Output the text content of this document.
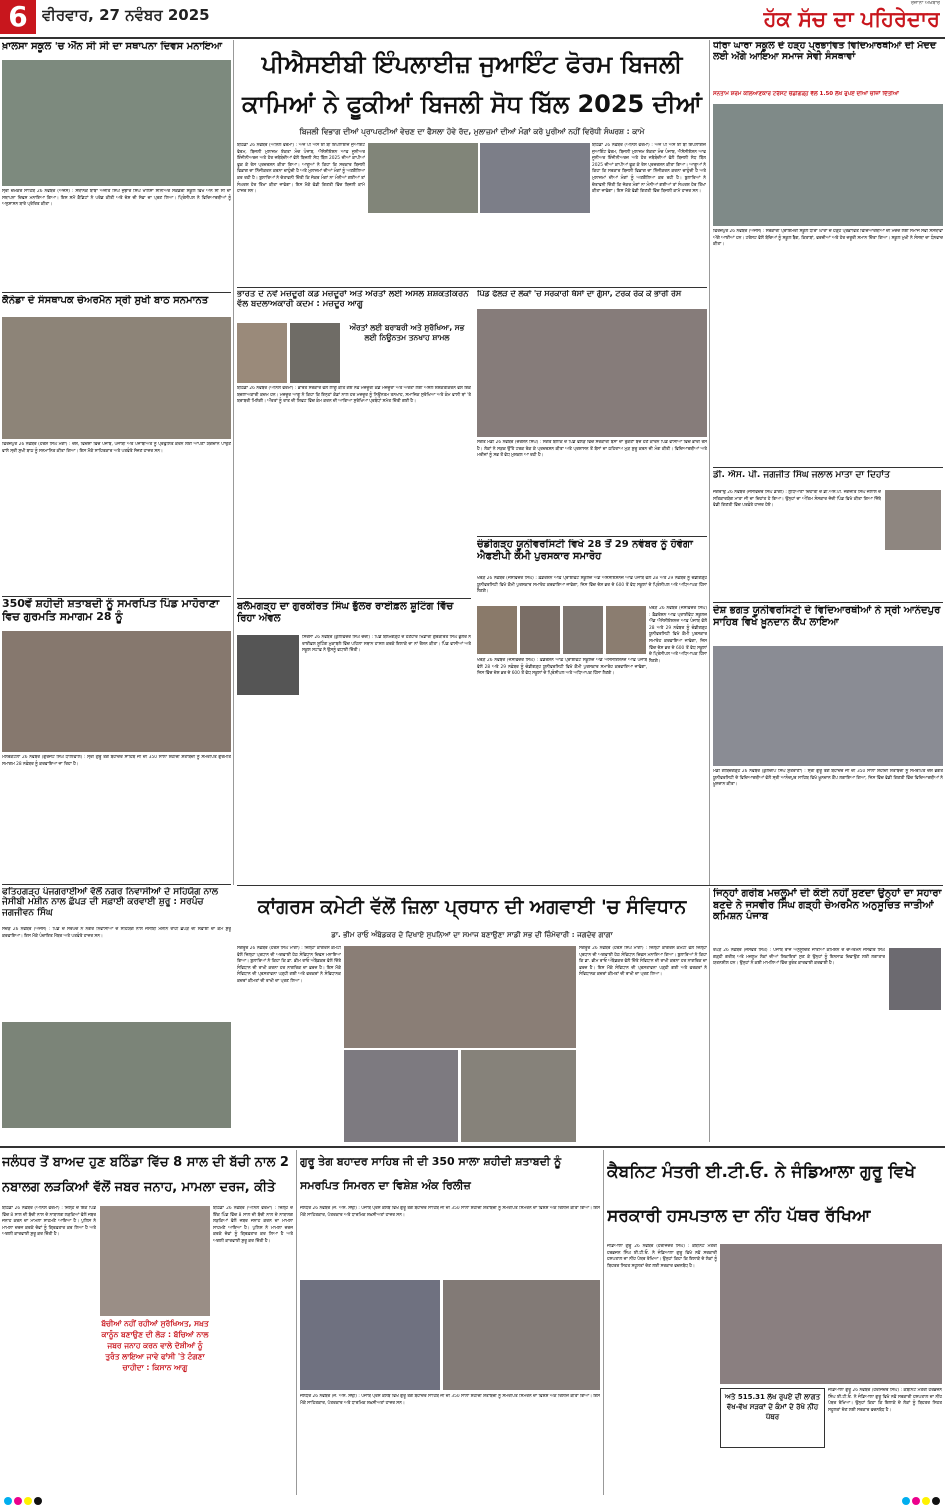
6 ਵੀਰਵਾਰ, 27 ਨਵੰਬਰ 2025
ਰੋਜ਼ਾਨਾ ਅਖ਼ਬਾਰ
ਹੱਕ ਸੱਚ ਦਾ ਪਹਿਰੇਦਾਰ
ਖ਼ਾਲਸਾ ਸਕੂਲ 'ਚ ਐੱਨ ਸੀ ਸੀ ਦਾ ਸਥਾਪਨਾ ਦਿਵਸ ਮਨਾਇਆ
ਸ੍ਰੀ ਚਮਕੌਰ ਸਾਹਿਬ 26 ਨਵੰਬਰ (ਐਜੰਸ) : ਸਥਾਨਕ ਬਾਬਾ ਅਜੀਤ ਸਿੰਘ ਜੁਝਾਰ ਸਿੰਘ ਖਾਲਸਾ ਸੀਨੀਅਰ ਸੈਕੰਡਰੀ ਸਕੂਲ ਵਿਖੇ ਐਨ ਸੀ ਸੀ ਦਾ ਸਥਾਪਨਾ ਦਿਵਸ ਮਨਾਇਆ ਗਿਆ। ਇਸ ਸਮੇਂ ਕੈਡਿਟਾਂ ਨੇ ਪਰੇਡ ਕੀਤੀ ਅਤੇ ਦੇਸ਼ ਦੀ ਸੇਵਾ ਦਾ ਪ੍ਰਣ ਲਿਆ। ਪ੍ਰਿੰਸੀਪਲ ਨੇ ਵਿਦਿਆਰਥੀਆਂ ਨੂੰ ਅਨੁਸ਼ਾਸਨ ਬਾਰੇ ਪ੍ਰੇਰਿਤ ਕੀਤਾ।
ਕੈਨੇਡਾ ਦੇ ਸੰਸਥਾਪਕ ਚੇਅਰਮੈਨ ਸ੍ਰੀ ਸੁਖੀ ਬਾਠ ਸਨਮਾਨਤ
ਫਿਰੋਜ਼ਪੁਰ 26 ਨਵੰਬਰ (ਹਰਸ਼ ਸਿੰਘ ਮੋਂਗਾ) : ਦੇਸ਼, ਵਿਦੇਸ਼ਾਂ ਵਿੱਚ ਪੰਜਾਬ, ਪੰਜਾਬੀ ਅਤੇ ਪੰਜਾਬੀਅਤ ਨੂੰ ਪ੍ਰਫੁੱਲਿਤ ਕਰਨ ਲਈ ਆਪਣਾ ਯੋਗਦਾਨ ਪਾਉਣ ਵਾਲੇ ਸ੍ਰੀ ਸੁਖੀ ਬਾਠ ਨੂੰ ਸਨਮਾਨਿਤ ਕੀਤਾ ਗਿਆ। ਇਸ ਮੌਕੇ ਸਾਹਿਤਕਾਰ ਅਤੇ ਪਤਵੰਤੇ ਸੱਜਣ ਹਾਜ਼ਰ ਸਨ।
350ਵੇਂ ਸ਼ਹੀਦੀ ਸ਼ਤਾਬਦੀ ਨੂੰ ਸਮਰਪਿਤ ਪਿੰਡ ਮਾਹੋਰਾਣਾ ਵਿਚ ਗੁਰਮਤਿ ਸਮਾਗਮ 28 ਨੂੰ
ਮਲੇਰਕੋਟਲਾ 26 ਨਵੰਬਰ (ਗੁਰਜੰਟ ਸਿੰਘ ਧਾਲੀਵਾਲ) : ਸ੍ਰੀ ਗੁਰੂ ਤੇਗ ਬਹਾਦਰ ਸਾਹਿਬ ਜੀ ਦੀ 350 ਸਾਲਾ ਸ਼ਹੀਦੀ ਸ਼ਤਾਬਦੀ ਨੂੰ ਸਮਰਪਿਤ ਗੁਰਮਤਿ ਸਮਾਗਮ 28 ਨਵੰਬਰ ਨੂੰ ਕਰਵਾਇਆ ਜਾ ਰਿਹਾ ਹੈ।
ਫਤਿਹਗੜ੍ਹ ਪੰਜਗਰਾਈਆਂ ਵੱਲੋਂ ਨਗਰ ਨਿਵਾਸੀਆਂ ਦੇ ਸਹਿਯੋਗ ਨਾਲ ਜੇਸੀਬੀ ਮਸ਼ੀਨ ਨਾਲ ਛੱਪੜ ਦੀ ਸਫ਼ਾਈ ਕਰਵਾਈ ਸ਼ੁਰੂ : ਸਰਪੰਚ ਜਗਜੀਵਨ ਸਿੰਘ
ਸੰਦੌੜ 26 ਨਵੰਬਰ (ਐਜੰਸ) : ਪਿੰਡ ਦੇ ਸਰਪੰਚ ਨੇ ਨਗਰ ਨਿਵਾਸੀਆਂ ਦੇ ਸਹਿਯੋਗ ਨਾਲ ਜੇਸੀਬੀ ਮਸ਼ੀਨ ਰਾਹੀਂ ਛੱਪੜ ਦੀ ਸਫ਼ਾਈ ਦਾ ਕੰਮ ਸ਼ੁਰੂ ਕਰਵਾਇਆ। ਇਸ ਮੌਕੇ ਪੰਚਾਇਤ ਮੈਂਬਰ ਅਤੇ ਪਤਵੰਤੇ ਹਾਜ਼ਰ ਸਨ।
ਪੀਐਸਈਬੀ ਇੰਪਲਾਈਜ਼ ਜੁਆਇੰਟ ਫੋਰਮ ਬਿਜਲੀ ਕਾਮਿਆਂ ਨੇ ਫੂਕੀਆਂ ਬਿਜਲੀ ਸੋਧ ਬਿੱਲ 2025 ਦੀਆਂ
ਬਿਜਲੀ ਵਿਭਾਗ ਦੀਆਂ ਪ੍ਰਾਪਰਟੀਆਂ ਵੇਚਣ ਦਾ ਫੈਸਲਾ ਹੋਵੇ ਰੱਦ, ਮੁਲਾਜ਼ਮਾਂ ਦੀਆਂ ਮੰਗਾਂ ਕਰੋ ਪੂਰੀਆਂ ਨਹੀਂ ਵਿਰੋਧੀ ਸੰਘਰਸ਼ : ਕਾਮੇ
ਬਠਿੰਡਾ 26 ਨਵੰਬਰ (ਅਨਿਲ ਵਰਮਾ) : ਅੱਜ ਪੀ ਐਸ ਈ ਬੀ ਇੰਪਲਾਈਜ਼ ਜੁਆਇੰਟ ਫੋਰਮ, ਬਿਜਲੀ ਮੁਲਾਜ਼ਮ ਏਕਤਾ ਮੰਚ ਪੰਜਾਬ, ਐਸੋਸੀਏਸ਼ਨ ਆਫ ਜੂਨੀਅਰ ਇੰਜੀਨੀਅਰਜ਼ ਅਤੇ ਹੋਰ ਜਥੇਬੰਦੀਆਂ ਵੱਲੋਂ ਬਿਜਲੀ ਸੋਧ ਬਿੱਲ 2025 ਦੀਆਂ ਕਾਪੀਆਂ ਫੂਕ ਕੇ ਰੋਸ ਪ੍ਰਦਰਸ਼ਨ ਕੀਤਾ ਗਿਆ। ਆਗੂਆਂ ਨੇ ਕਿਹਾ ਕਿ ਸਰਕਾਰ ਬਿਜਲੀ ਵਿਭਾਗ ਦਾ ਨਿੱਜੀਕਰਨ ਕਰਨਾ ਚਾਹੁੰਦੀ ਹੈ ਅਤੇ ਮੁਲਾਜ਼ਮਾਂ ਦੀਆਂ ਮੰਗਾਂ ਨੂੰ ਅਣਗੌਲਿਆ ਕਰ ਰਹੀ ਹੈ। ਬੁਲਾਰਿਆਂ ਨੇ ਚੇਤਾਵਨੀ ਦਿੱਤੀ ਕਿ ਜੇਕਰ ਮੰਗਾਂ ਨਾ ਮੰਨੀਆਂ ਗਈਆਂ ਤਾਂ ਸੰਘਰਸ਼ ਹੋਰ ਤਿੱਖਾ ਕੀਤਾ ਜਾਵੇਗਾ। ਇਸ ਮੌਕੇ ਵੱਡੀ ਗਿਣਤੀ ਵਿੱਚ ਬਿਜਲੀ ਕਾਮੇ ਹਾਜ਼ਰ ਸਨ।
ਬਠਿੰਡਾ 26 ਨਵੰਬਰ (ਅਨਿਲ ਵਰਮਾ) : ਅੱਜ ਪੀ ਐਸ ਈ ਬੀ ਇੰਪਲਾਈਜ਼ ਜੁਆਇੰਟ ਫੋਰਮ, ਬਿਜਲੀ ਮੁਲਾਜ਼ਮ ਏਕਤਾ ਮੰਚ ਪੰਜਾਬ, ਐਸੋਸੀਏਸ਼ਨ ਆਫ ਜੂਨੀਅਰ ਇੰਜੀਨੀਅਰਜ਼ ਅਤੇ ਹੋਰ ਜਥੇਬੰਦੀਆਂ ਵੱਲੋਂ ਬਿਜਲੀ ਸੋਧ ਬਿੱਲ 2025 ਦੀਆਂ ਕਾਪੀਆਂ ਫੂਕ ਕੇ ਰੋਸ ਪ੍ਰਦਰਸ਼ਨ ਕੀਤਾ ਗਿਆ। ਆਗੂਆਂ ਨੇ ਕਿਹਾ ਕਿ ਸਰਕਾਰ ਬਿਜਲੀ ਵਿਭਾਗ ਦਾ ਨਿੱਜੀਕਰਨ ਕਰਨਾ ਚਾਹੁੰਦੀ ਹੈ ਅਤੇ ਮੁਲਾਜ਼ਮਾਂ ਦੀਆਂ ਮੰਗਾਂ ਨੂੰ ਅਣਗੌਲਿਆ ਕਰ ਰਹੀ ਹੈ। ਬੁਲਾਰਿਆਂ ਨੇ ਚੇਤਾਵਨੀ ਦਿੱਤੀ ਕਿ ਜੇਕਰ ਮੰਗਾਂ ਨਾ ਮੰਨੀਆਂ ਗਈਆਂ ਤਾਂ ਸੰਘਰਸ਼ ਹੋਰ ਤਿੱਖਾ ਕੀਤਾ ਜਾਵੇਗਾ। ਇਸ ਮੌਕੇ ਵੱਡੀ ਗਿਣਤੀ ਵਿੱਚ ਬਿਜਲੀ ਕਾਮੇ ਹਾਜ਼ਰ ਸਨ।
ਭਾਰਤ ਦੇ ਨਵੇਂ ਮਜ਼ਦੂਰੀ ਕੋਡ ਮਜ਼ਦੂਰਾਂ ਅਤੇ ਔਰਤਾਂ ਲਈ ਅਸਲ ਸ਼ਸ਼ਕਤੀਕਰਨ ਵੱਲ ਬਦਲਾਅਕਾਰੀ ਕਦਮ : ਮਜ਼ਦੂਰ ਆਗੂ
ਔਰਤਾਂ ਲਈ ਬਰਾਬਰੀ ਅਤੇ ਸੁਰੱਖਿਆ, ਸਭ ਲਈ ਨਿਊਨਤਮ ਤਨਖਾਹ ਸ਼ਾਮਲ
ਬਠਿੰਡਾ 26 ਨਵੰਬਰ (ਅਨਿਲ ਵਰਮਾ) : ਭਾਰਤ ਸਰਕਾਰ ਵੱਲੋਂ ਲਾਗੂ ਕੀਤੇ ਗਏ ਨਵੇਂ ਮਜ਼ਦੂਰੀ ਕੋਡ ਮਜ਼ਦੂਰਾਂ ਅਤੇ ਔਰਤਾਂ ਲਈ ਅਸਲ ਸ਼ਸ਼ਕਤੀਕਰਨ ਵੱਲ ਇੱਕ ਬਦਲਾਅਕਾਰੀ ਕਦਮ ਹਨ। ਮਜ਼ਦੂਰ ਆਗੂ ਨੇ ਕਿਹਾ ਕਿ ਇਨ੍ਹਾਂ ਕੋਡਾਂ ਨਾਲ ਹਰ ਮਜ਼ਦੂਰ ਨੂੰ ਨਿਊਨਤਮ ਤਨਖਾਹ, ਸਮਾਜਿਕ ਸੁਰੱਖਿਆ ਅਤੇ ਕੰਮ ਵਾਲੀ ਥਾਂ 'ਤੇ ਬਰਾਬਰੀ ਮਿਲੇਗੀ। ਔਰਤਾਂ ਨੂੰ ਰਾਤ ਦੀ ਸ਼ਿਫਟ ਵਿੱਚ ਕੰਮ ਕਰਨ ਦੀ ਆਗਿਆ ਸੁਰੱਖਿਆ ਪ੍ਰਬੰਧਾਂ ਸਮੇਤ ਦਿੱਤੀ ਗਈ ਹੈ।
ਬਲੱਮਗੜ੍ਹ ਦਾ ਗੁਰਕੀਰਤ ਸਿੰਘ ਭੁੱਲਰ ਰਾਈਫ਼ਲ ਸ਼ੂਟਿੰਗ ਵਿੱਚ ਰਿਹਾ ਅੱਵਲ
ਸਿਰਸਾ 26 ਨਵੰਬਰ (ਕੁਲਵਿੰਦਰ ਸਿੰਘ ਚੰਦੀ) : ਪਿੰਡ ਬਲੱਮਗੜ੍ਹ ਦੇ ਹੋਣਹਾਰ ਖਿਡਾਰੀ ਗੁਰਕੀਰਤ ਸਿੰਘ ਭੁੱਲਰ ਨੇ ਰਾਈਫ਼ਲ ਸ਼ੂਟਿੰਗ ਮੁਕਾਬਲੇ ਵਿੱਚ ਪਹਿਲਾ ਸਥਾਨ ਹਾਸਲ ਕਰਕੇ ਇਲਾਕੇ ਦਾ ਨਾਂ ਰੌਸ਼ਨ ਕੀਤਾ। ਪਿੰਡ ਵਾਸੀਆਂ ਅਤੇ ਸਕੂਲ ਸਟਾਫ਼ ਨੇ ਉਸਨੂੰ ਵਧਾਈ ਦਿੱਤੀ।
ਪਿੰਡ ਫੱਲੜ ਦੇ ਲੋਕਾਂ 'ਚ ਸਰਕਾਰੀ ਥੱਸਾਂ ਦਾ ਗੁੱਸਾ, ਟਰਕ ਰੋਕ ਕੇ ਭਾਰੀ ਰੋਸ
ਸੰਗਤ ਮੰਡੀ 26 ਨਵੰਬਰ (ਦਰਸ਼ਨ ਸਿੰਘ) : ਸੰਗਤ ਬਲਾਕ ਦੇ ਪਿੰਡ ਫੱਲੜ ਵਿੱਚ ਸਰਕਾਰੀ ਬੱਸਾਂ ਦਾ ਰੁਕਣਾ ਬੰਦ ਹੋਣ ਕਾਰਨ ਪਿੰਡ ਵਾਸੀਆਂ ਵਿੱਚ ਭਾਰੀ ਰੋਸ ਹੈ। ਲੋਕਾਂ ਨੇ ਸੜਕ ਉੱਤੇ ਟਰਕ ਰੋਕ ਕੇ ਪ੍ਰਦਰਸ਼ਨ ਕੀਤਾ ਅਤੇ ਪ੍ਰਸ਼ਾਸਨ ਤੋਂ ਬੱਸਾਂ ਦਾ ਠਹਿਰਾਅ ਮੁੜ ਸ਼ੁਰੂ ਕਰਨ ਦੀ ਮੰਗ ਕੀਤੀ। ਵਿਦਿਆਰਥੀਆਂ ਅਤੇ ਮਰੀਜ਼ਾਂ ਨੂੰ ਸਭ ਤੋਂ ਵੱਧ ਮੁਸ਼ਕਲ ਆ ਰਹੀ ਹੈ।
ਚੰਡੀਗੜ੍ਹ ਯੂਨੀਵਰਸਿਟੀ ਵਿਖੇ 28 ਤੋਂ 29 ਨਵੰਬਰ ਨੂੰ ਹੋਵੇਗਾ ਐਫਈਪੀ ਕੌਮੀ ਪੁਰਸਕਾਰ ਸਮਾਰੋਹ
ਖਰੜ 26 ਨਵੰਬਰ (ਜਸਵਿੰਦਰ ਸਿੰਘ) : ਫ਼ੈਡਰੇਸ਼ਨ ਆਫ਼ ਪ੍ਰਾਈਵੇਟ ਸਕੂਲਜ਼ ਐਂਡ ਐਸੋਸੀਏਸ਼ਨਜ਼ ਆਫ਼ ਪੰਜਾਬ ਵੱਲੋਂ 28 ਅਤੇ 29 ਨਵੰਬਰ ਨੂੰ ਚੰਡੀਗੜ੍ਹ ਯੂਨੀਵਰਸਿਟੀ ਵਿਖੇ ਕੌਮੀ ਪੁਰਸਕਾਰ ਸਮਾਰੋਹ ਕਰਵਾਇਆ ਜਾਵੇਗਾ, ਜਿਸ ਵਿੱਚ ਦੇਸ਼ ਭਰ ਦੇ 600 ਤੋਂ ਵੱਧ ਸਕੂਲਾਂ ਦੇ ਪ੍ਰਿੰਸੀਪਲ ਅਤੇ ਅਧਿਆਪਕ ਹਿੱਸਾ ਲੈਣਗੇ।
ਖਰੜ 26 ਨਵੰਬਰ (ਜਸਵਿੰਦਰ ਸਿੰਘ) : ਫ਼ੈਡਰੇਸ਼ਨ ਆਫ਼ ਪ੍ਰਾਈਵੇਟ ਸਕੂਲਜ਼ ਐਂਡ ਐਸੋਸੀਏਸ਼ਨਜ਼ ਆਫ਼ ਪੰਜਾਬ ਵੱਲੋਂ 28 ਅਤੇ 29 ਨਵੰਬਰ ਨੂੰ ਚੰਡੀਗੜ੍ਹ ਯੂਨੀਵਰਸਿਟੀ ਵਿਖੇ ਕੌਮੀ ਪੁਰਸਕਾਰ ਸਮਾਰੋਹ ਕਰਵਾਇਆ ਜਾਵੇਗਾ, ਜਿਸ ਵਿੱਚ ਦੇਸ਼ ਭਰ ਦੇ 600 ਤੋਂ ਵੱਧ ਸਕੂਲਾਂ ਦੇ ਪ੍ਰਿੰਸੀਪਲ ਅਤੇ ਅਧਿਆਪਕ ਹਿੱਸਾ ਲੈਣਗੇ।
ਖਰੜ 26 ਨਵੰਬਰ (ਜਸਵਿੰਦਰ ਸਿੰਘ) : ਫ਼ੈਡਰੇਸ਼ਨ ਆਫ਼ ਪ੍ਰਾਈਵੇਟ ਸਕੂਲਜ਼ ਐਂਡ ਐਸੋਸੀਏਸ਼ਨਜ਼ ਆਫ਼ ਪੰਜਾਬ ਵੱਲੋਂ 28 ਅਤੇ 29 ਨਵੰਬਰ ਨੂੰ ਚੰਡੀਗੜ੍ਹ ਯੂਨੀਵਰਸਿਟੀ ਵਿਖੇ ਕੌਮੀ ਪੁਰਸਕਾਰ ਸਮਾਰੋਹ ਕਰਵਾਇਆ ਜਾਵੇਗਾ, ਜਿਸ ਵਿੱਚ ਦੇਸ਼ ਭਰ ਦੇ 600 ਤੋਂ ਵੱਧ ਸਕੂਲਾਂ ਦੇ ਪ੍ਰਿੰਸੀਪਲ ਅਤੇ ਅਧਿਆਪਕ ਹਿੱਸਾ ਲੈਣਗੇ।
ਧੀਰਾ ਘਾਰਾ ਸਕੂਲ ਦੇ ਹੜ੍ਹ ਪ੍ਰਭਾਵਿਤ ਵਿਦਿਆਰਥੀਆਂ ਦੀ ਮੱਦਦ ਲਈ ਅੱਗੇ ਆਇਆ ਸਮਾਜ ਸੇਵੀ ਸੰਸਥਾਵਾਂ
ਸਨਤਾਮ ਸ਼ਰਮ ਕਲਿਆਣਕਾਰ ਟਰੱਸਟ ਚੰਡੀਗੜ੍ਹ ਵੱਲੋਂ 1.50 ਲੱਖ ਰੁਪਏ ਦੀਆਂ ਚੀਜ਼ਾਂ ਦਿੱਤੀਆਂ
ਫਿਰੋਜ਼ਪੁਰ 26 ਨਵੰਬਰ (ਐਜੰਸ) : ਸਰਕਾਰੀ ਪ੍ਰਾਇਮਰੀ ਸਕੂਲ ਧੀਰਾ ਘਾਰਾ ਦੇ ਹੜ੍ਹ ਪ੍ਰਭਾਵਿਤ ਵਿਦਿਆਰਥੀਆਂ ਦੀ ਮਦਦ ਲਈ ਸਮਾਜ ਸੇਵੀ ਸੰਸਥਾਵਾਂ ਅੱਗੇ ਆਈਆਂ ਹਨ। ਟਰੱਸਟ ਵੱਲੋਂ ਬੱਚਿਆਂ ਨੂੰ ਸਕੂਲ ਬੈਗ, ਕਿਤਾਬਾਂ, ਵਰਦੀਆਂ ਅਤੇ ਹੋਰ ਜ਼ਰੂਰੀ ਸਮਾਨ ਦਿੱਤਾ ਗਿਆ। ਸਕੂਲ ਮੁਖੀ ਨੇ ਸੰਸਥਾ ਦਾ ਧੰਨਵਾਦ ਕੀਤਾ।
ਡੀ. ਐਸ. ਪੀ. ਜਗਜੀਤ ਸਿੰਘ ਜਲਾਲ ਮਾਤਾ ਦਾ ਦਿਹਾਂਤ
ਜਗਰਾਉਂ 26 ਨਵੰਬਰ (ਜਸਵਿੰਦਰ ਸਿੰਘ ਡਾਂਗੀ) : ਲੁਧਿਆਣਾ ਦਿਹਾਤੀ ਦੇ ਡੀ.ਐਸ.ਪੀ. ਜਗਜੀਤ ਸਿੰਘ ਜਲਾਲ ਦੇ ਸਤਿਕਾਰਯੋਗ ਮਾਤਾ ਜੀ ਦਾ ਦਿਹਾਂਤ ਹੋ ਗਿਆ। ਉਨ੍ਹਾਂ ਦਾ ਅੰਤਿਮ ਸੰਸਕਾਰ ਜੱਦੀ ਪਿੰਡ ਵਿਖੇ ਕੀਤਾ ਗਿਆ ਜਿੱਥੇ ਵੱਡੀ ਗਿਣਤੀ ਵਿੱਚ ਪਤਵੰਤੇ ਹਾਜ਼ਰ ਹੋਏ।
ਦੇਸ਼ ਭਗਤ ਯੂਨੀਵਰਸਿਟੀ ਦੇ ਵਿਦਿਆਰਥੀਆਂ ਨੇ ਸ੍ਰੀ ਆਨੰਦਪੁਰ ਸਾਹਿਬ ਵਿਖੇ ਖ਼ੂਨਦਾਨ ਕੈਂਪ ਲਾਇਆ
ਮੰਡੀ ਗੋਬਿੰਦਗੜ੍ਹ 26 ਨਵੰਬਰ (ਕੁਲਦੀਪ ਸਿੰਘ ਸ਼ੁਤਰਾਣਾ) : ਸ੍ਰੀ ਗੁਰੂ ਤੇਗ ਬਹਾਦਰ ਜੀ ਦੀ 350 ਸਾਲਾ ਸ਼ਹੀਦੀ ਸ਼ਤਾਬਦੀ ਨੂੰ ਸਮਰਪਿਤ ਦੇਸ਼ ਭਗਤ ਯੂਨੀਵਰਸਿਟੀ ਦੇ ਵਿਦਿਆਰਥੀਆਂ ਵੱਲੋਂ ਸ੍ਰੀ ਆਨੰਦਪੁਰ ਸਾਹਿਬ ਵਿਖੇ ਖ਼ੂਨਦਾਨ ਕੈਂਪ ਲਗਾਇਆ ਗਿਆ, ਜਿਸ ਵਿੱਚ ਵੱਡੀ ਗਿਣਤੀ ਵਿੱਚ ਵਿਦਿਆਰਥੀਆਂ ਨੇ ਖ਼ੂਨਦਾਨ ਕੀਤਾ।
ਕਾਂਗਰਸ ਕਮੇਟੀ ਵੱਲੋਂ ਜ਼ਿਲਾ ਪ੍ਰਧਾਨ ਦੀ ਅਗਵਾਈ 'ਚ ਸੰਵਿਧਾਨ
ਡਾ. ਭੀਮ ਰਾਓ ਅੰਬੇਡਕਰ ਦੇ ਦਿਖਾਏ ਸੁਪਨਿਆਂ ਦਾ ਸਮਾਜ ਬਣਾਉਣਾ ਸਾਡੀ ਸਭ ਦੀ ਜ਼ਿੰਮੇਵਾਰੀ : ਜਗਦੇਵ ਗਾਗਾ
ਸੰਗਰੂਰ 26 ਨਵੰਬਰ (ਹਰਸ਼ ਸਿੰਘ ਮਾਂਗਾ) : ਜ਼ਿਲ੍ਹਾ ਕਾਂਗਰਸ ਕਮੇਟੀ ਵੱਲੋਂ ਜ਼ਿਲ੍ਹਾ ਪ੍ਰਧਾਨ ਦੀ ਅਗਵਾਈ ਹੇਠ ਸੰਵਿਧਾਨ ਦਿਵਸ ਮਨਾਇਆ ਗਿਆ। ਬੁਲਾਰਿਆਂ ਨੇ ਕਿਹਾ ਕਿ ਡਾ. ਭੀਮ ਰਾਓ ਅੰਬੇਡਕਰ ਵੱਲੋਂ ਦਿੱਤੇ ਸੰਵਿਧਾਨ ਦੀ ਰਾਖੀ ਕਰਨਾ ਹਰ ਨਾਗਰਿਕ ਦਾ ਫ਼ਰਜ਼ ਹੈ। ਇਸ ਮੌਕੇ ਸੰਵਿਧਾਨ ਦੀ ਪ੍ਰਸਤਾਵਨਾ ਪੜ੍ਹੀ ਗਈ ਅਤੇ ਵਰਕਰਾਂ ਨੇ ਸੰਵਿਧਾਨਕ ਕਦਰਾਂ ਕੀਮਤਾਂ ਦੀ ਰਾਖੀ ਦਾ ਪ੍ਰਣ ਲਿਆ।
ਸੰਗਰੂਰ 26 ਨਵੰਬਰ (ਹਰਸ਼ ਸਿੰਘ ਮਾਂਗਾ) : ਜ਼ਿਲ੍ਹਾ ਕਾਂਗਰਸ ਕਮੇਟੀ ਵੱਲੋਂ ਜ਼ਿਲ੍ਹਾ ਪ੍ਰਧਾਨ ਦੀ ਅਗਵਾਈ ਹੇਠ ਸੰਵਿਧਾਨ ਦਿਵਸ ਮਨਾਇਆ ਗਿਆ। ਬੁਲਾਰਿਆਂ ਨੇ ਕਿਹਾ ਕਿ ਡਾ. ਭੀਮ ਰਾਓ ਅੰਬੇਡਕਰ ਵੱਲੋਂ ਦਿੱਤੇ ਸੰਵਿਧਾਨ ਦੀ ਰਾਖੀ ਕਰਨਾ ਹਰ ਨਾਗਰਿਕ ਦਾ ਫ਼ਰਜ਼ ਹੈ। ਇਸ ਮੌਕੇ ਸੰਵਿਧਾਨ ਦੀ ਪ੍ਰਸਤਾਵਨਾ ਪੜ੍ਹੀ ਗਈ ਅਤੇ ਵਰਕਰਾਂ ਨੇ ਸੰਵਿਧਾਨਕ ਕਦਰਾਂ ਕੀਮਤਾਂ ਦੀ ਰਾਖੀ ਦਾ ਪ੍ਰਣ ਲਿਆ।
ਜਿਨ੍ਹਾਂ ਗਰੀਬ ਮਜ਼ਲੂਮਾਂ ਦੀ ਕੋਈ ਨਹੀਂ ਸੁਣਦਾ ਉਨ੍ਹਾਂ ਦਾ ਸਹਾਰਾ ਬਣਦੇ ਨੇ ਜਸਵੀਰ ਸਿੰਘ ਗੜ੍ਹੀ ਚੇਅਰਮੈਨ ਅਨੁਸੂਚਿਤ ਜਾਤੀਆਂ ਕਮਿਸ਼ਨ ਪੰਜਾਬ
ਰੋਪੜ 26 ਨਵੰਬਰ (ਜਸਵੰਤ ਸਿੰਘ) : ਪੰਜਾਬ ਰਾਜ ਅਨੁਸੂਚਿਤ ਜਾਤੀਆਂ ਕਮਿਸ਼ਨ ਦੇ ਚੇਅਰਮੈਨ ਜਸਵੀਰ ਸਿੰਘ ਗੜ੍ਹੀ ਗਰੀਬ ਅਤੇ ਮਜ਼ਲੂਮ ਲੋਕਾਂ ਦੀਆਂ ਸ਼ਿਕਾਇਤਾਂ ਸੁਣ ਕੇ ਉਨ੍ਹਾਂ ਨੂੰ ਇਨਸਾਫ਼ ਦਿਵਾਉਣ ਲਈ ਲਗਾਤਾਰ ਯਤਨਸ਼ੀਲ ਹਨ। ਉਨ੍ਹਾਂ ਨੇ ਕਈ ਮਾਮਲਿਆਂ ਵਿੱਚ ਤੁਰੰਤ ਕਾਰਵਾਈ ਕਰਵਾਈ ਹੈ।
ਜਲੰਧਰ ਤੋਂ ਬਾਅਦ ਹੁਣ ਬਠਿੰਡਾ ਵਿੱਚ 8 ਸਾਲ ਦੀ ਬੱਚੀ ਨਾਲ 2 ਨਬਾਲਗ ਲੜਕਿਆਂ ਵੱਲੋਂ ਜਬਰ ਜਨਾਹ, ਮਾਮਲਾ ਦਰਜ, ਕੀਤੇ
ਬਠਿੰਡਾ 26 ਨਵੰਬਰ (ਅਨਿਲ ਵਰਮਾ) : ਜ਼ਿਲ੍ਹੇ ਦੇ ਇੱਕ ਪਿੰਡ ਵਿੱਚ 8 ਸਾਲ ਦੀ ਬੱਚੀ ਨਾਲ ਦੋ ਨਾਬਾਲਗ ਲੜਕਿਆਂ ਵੱਲੋਂ ਜਬਰ ਜਨਾਹ ਕਰਨ ਦਾ ਮਾਮਲਾ ਸਾਹਮਣੇ ਆਇਆ ਹੈ। ਪੁਲਿਸ ਨੇ ਮਾਮਲਾ ਦਰਜ ਕਰਕੇ ਦੋਵਾਂ ਨੂੰ ਗ੍ਰਿਫ਼ਤਾਰ ਕਰ ਲਿਆ ਹੈ ਅਤੇ ਅਗਲੀ ਕਾਰਵਾਈ ਸ਼ੁਰੂ ਕਰ ਦਿੱਤੀ ਹੈ।
ਬੱਚੀਆਂ ਨਹੀਂ ਰਹੀਆਂ ਸੁਰੱਖਿਅਤ, ਸਖ਼ਤ ਕਾਨੂੰਨ ਬਣਾਉਣ ਦੀ ਲੋੜ : ਬੱਚਿਆਂ ਨਾਲ ਜਬਰ ਜਨਾਹ ਕਰਨ ਵਾਲੇ ਦੋਸ਼ੀਆਂ ਨੂੰ ਤੁਰੰਤ ਲਾਇਆ ਜਾਵੇ ਫਾਂਸੀ 'ਤੇ ਟੰਗਣਾ ਚਾਹੀਦਾ : ਕਿਸਾਨ ਆਗੂ
ਬਠਿੰਡਾ 26 ਨਵੰਬਰ (ਅਨਿਲ ਵਰਮਾ) : ਜ਼ਿਲ੍ਹੇ ਦੇ ਇੱਕ ਪਿੰਡ ਵਿੱਚ 8 ਸਾਲ ਦੀ ਬੱਚੀ ਨਾਲ ਦੋ ਨਾਬਾਲਗ ਲੜਕਿਆਂ ਵੱਲੋਂ ਜਬਰ ਜਨਾਹ ਕਰਨ ਦਾ ਮਾਮਲਾ ਸਾਹਮਣੇ ਆਇਆ ਹੈ। ਪੁਲਿਸ ਨੇ ਮਾਮਲਾ ਦਰਜ ਕਰਕੇ ਦੋਵਾਂ ਨੂੰ ਗ੍ਰਿਫ਼ਤਾਰ ਕਰ ਲਿਆ ਹੈ ਅਤੇ ਅਗਲੀ ਕਾਰਵਾਈ ਸ਼ੁਰੂ ਕਰ ਦਿੱਤੀ ਹੈ।
ਗੁਰੂ ਤੇਗ ਬਹਾਦਰ ਸਾਹਿਬ ਜੀ ਦੀ 350 ਸਾਲਾ ਸ਼ਹੀਦੀ ਸ਼ਤਾਬਦੀ ਨੂੰ ਸਮਰਪਿਤ ਸਿਮਰਨ ਦਾ ਵਿਸ਼ੇਸ਼ ਅੰਕ ਰਿਲੀਜ਼
ਜਲੰਧਰ 26 ਨਵੰਬਰ (ਜੇ. ਐਸ. ਸੋਢੀ) : ਪੰਜਾਬ ਪ੍ਰੈਸ ਕਲੱਬ ਵਿਖੇ ਗੁਰੂ ਤੇਗ ਬਹਾਦਰ ਸਾਹਿਬ ਜੀ ਦੀ 350 ਸਾਲਾ ਸ਼ਹੀਦੀ ਸ਼ਤਾਬਦੀ ਨੂੰ ਸਮਰਪਿਤ ਸਿਮਰਨ ਦਾ ਵਿਸ਼ੇਸ਼ ਅੰਕ ਰਿਲੀਜ਼ ਕੀਤਾ ਗਿਆ। ਇਸ ਮੌਕੇ ਸਾਹਿਤਕਾਰ, ਪੱਤਰਕਾਰ ਅਤੇ ਧਾਰਮਿਕ ਸ਼ਖ਼ਸੀਅਤਾਂ ਹਾਜ਼ਰ ਸਨ।
ਜਲੰਧਰ 26 ਨਵੰਬਰ (ਜੇ. ਐਸ. ਸੋਢੀ) : ਪੰਜਾਬ ਪ੍ਰੈਸ ਕਲੱਬ ਵਿਖੇ ਗੁਰੂ ਤੇਗ ਬਹਾਦਰ ਸਾਹਿਬ ਜੀ ਦੀ 350 ਸਾਲਾ ਸ਼ਹੀਦੀ ਸ਼ਤਾਬਦੀ ਨੂੰ ਸਮਰਪਿਤ ਸਿਮਰਨ ਦਾ ਵਿਸ਼ੇਸ਼ ਅੰਕ ਰਿਲੀਜ਼ ਕੀਤਾ ਗਿਆ। ਇਸ ਮੌਕੇ ਸਾਹਿਤਕਾਰ, ਪੱਤਰਕਾਰ ਅਤੇ ਧਾਰਮਿਕ ਸ਼ਖ਼ਸੀਅਤਾਂ ਹਾਜ਼ਰ ਸਨ।
ਕੈਬਨਿਟ ਮੰਤਰੀ ਈ.ਟੀ.ਓ. ਨੇ ਜੰਡਿਆਲਾ ਗੁਰੂ ਵਿਖੇ ਸਰਕਾਰੀ ਹਸਪਤਾਲ ਦਾ ਨੀਂਹ ਪੱਥਰ ਰੱਖਿਆ
ਜੰਡਿਆਲਾ ਗੁਰੂ 26 ਨਵੰਬਰ (ਹਰਜਿੰਦਰ ਸਿੰਘ) : ਕੈਬਨਿਟ ਮੰਤਰੀ ਹਰਭਜਨ ਸਿੰਘ ਈ.ਟੀ.ਓ. ਨੇ ਜੰਡਿਆਲਾ ਗੁਰੂ ਵਿਖੇ ਨਵੇਂ ਸਰਕਾਰੀ ਹਸਪਤਾਲ ਦਾ ਨੀਂਹ ਪੱਥਰ ਰੱਖਿਆ। ਉਨ੍ਹਾਂ ਕਿਹਾ ਕਿ ਇਲਾਕੇ ਦੇ ਲੋਕਾਂ ਨੂੰ ਬਿਹਤਰ ਸਿਹਤ ਸਹੂਲਤਾਂ ਦੇਣ ਲਈ ਸਰਕਾਰ ਵਚਨਬੱਧ ਹੈ।
ਅਤੇ 515.31 ਲੱਖ ਰੁਪਏ ਦੀ ਲਾਗਤ ਵੱਖ-ਵੱਖ ਸੜਕਾਂ ਦੇ ਕੰਮਾਂ ਦੇ ਰੱਖੇ ਨੀਂਹ ਪੱਥਰ
ਜੰਡਿਆਲਾ ਗੁਰੂ 26 ਨਵੰਬਰ (ਹਰਜਿੰਦਰ ਸਿੰਘ) : ਕੈਬਨਿਟ ਮੰਤਰੀ ਹਰਭਜਨ ਸਿੰਘ ਈ.ਟੀ.ਓ. ਨੇ ਜੰਡਿਆਲਾ ਗੁਰੂ ਵਿਖੇ ਨਵੇਂ ਸਰਕਾਰੀ ਹਸਪਤਾਲ ਦਾ ਨੀਂਹ ਪੱਥਰ ਰੱਖਿਆ। ਉਨ੍ਹਾਂ ਕਿਹਾ ਕਿ ਇਲਾਕੇ ਦੇ ਲੋਕਾਂ ਨੂੰ ਬਿਹਤਰ ਸਿਹਤ ਸਹੂਲਤਾਂ ਦੇਣ ਲਈ ਸਰਕਾਰ ਵਚਨਬੱਧ ਹੈ।
